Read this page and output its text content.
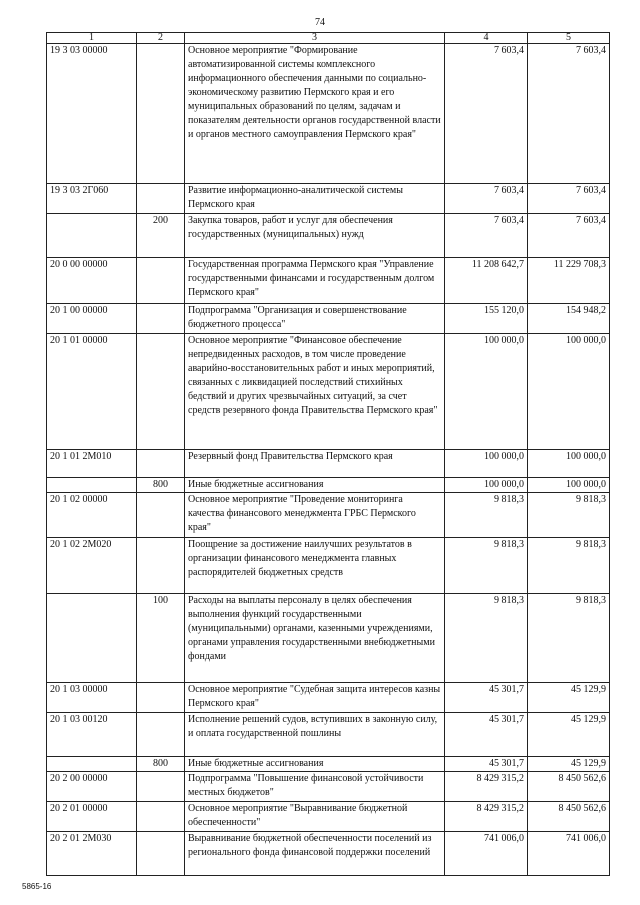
74
1	2	3	4	5
19 3 03 00000		Основное мероприятие "Формирование автоматизированной системы комплексного информационного обеспечения данными по социально-экономическому развитию Пермского края и его муниципальных образований по целям, задачам и показателям деятельности органов государственной власти и органов местного самоуправления Пермского края"	7 603,4	7 603,4
19 3 03 2Г060		Развитие информационно-аналитической системы Пермского края	7 603,4	7 603,4
	200	Закупка товаров, работ и услуг для обеспечения государственных (муниципальных) нужд	7 603,4	7 603,4
20 0 00 00000		Государственная программа Пермского края "Управление государственными финансами и государственным долгом Пермского края"	11 208 642,7	11 229 708,3
20 1 00 00000		Подпрограмма "Организация и совершенствование бюджетного процесса"	155 120,0	154 948,2
20 1 01 00000		Основное мероприятие "Финансовое обеспечение непредвиденных расходов, в том числе проведение аварийно-восстановительных работ и иных мероприятий, связанных с ликвидацией последствий стихийных бедствий и других чрезвычайных ситуаций, за счет средств резервного фонда Правительства Пермского края"	100 000,0	100 000,0
20 1 01 2М010		Резервный фонд Правительства Пермского края	100 000,0	100 000,0
	800	Иные бюджетные ассигнования	100 000,0	100 000,0
20 1 02 00000		Основное мероприятие "Проведение мониторинга качества финансового менеджмента ГРБС Пермского края"	9 818,3	9 818,3
20 1 02 2М020		Поощрение за достижение наилучших результатов в организации финансового менеджмента главных распорядителей бюджетных средств	9 818,3	9 818,3
	100	Расходы на выплаты персоналу в целях обеспечения выполнения функций государственными (муниципальными) органами, казенными учреждениями, органами управления государственными внебюджетными фондами	9 818,3	9 818,3
20 1 03 00000		Основное мероприятие "Судебная защита интересов казны Пермского края"	45 301,7	45 129,9
20 1 03 00120		Исполнение решений судов, вступивших в законную силу, и оплата государственной пошлины	45 301,7	45 129,9
	800	Иные бюджетные ассигнования	45 301,7	45 129,9
20 2 00 00000		Подпрограмма "Повышение финансовой устойчивости местных бюджетов"	8 429 315,2	8 450 562,6
20 2 01 00000		Основное мероприятие "Выравнивание бюджетной обеспеченности"	8 429 315,2	8 450 562,6
20 2 01 2М030		Выравнивание бюджетной обеспеченности поселений из регионального фонда финансовой поддержки поселений	741 006,0	741 006,0
5865-16
